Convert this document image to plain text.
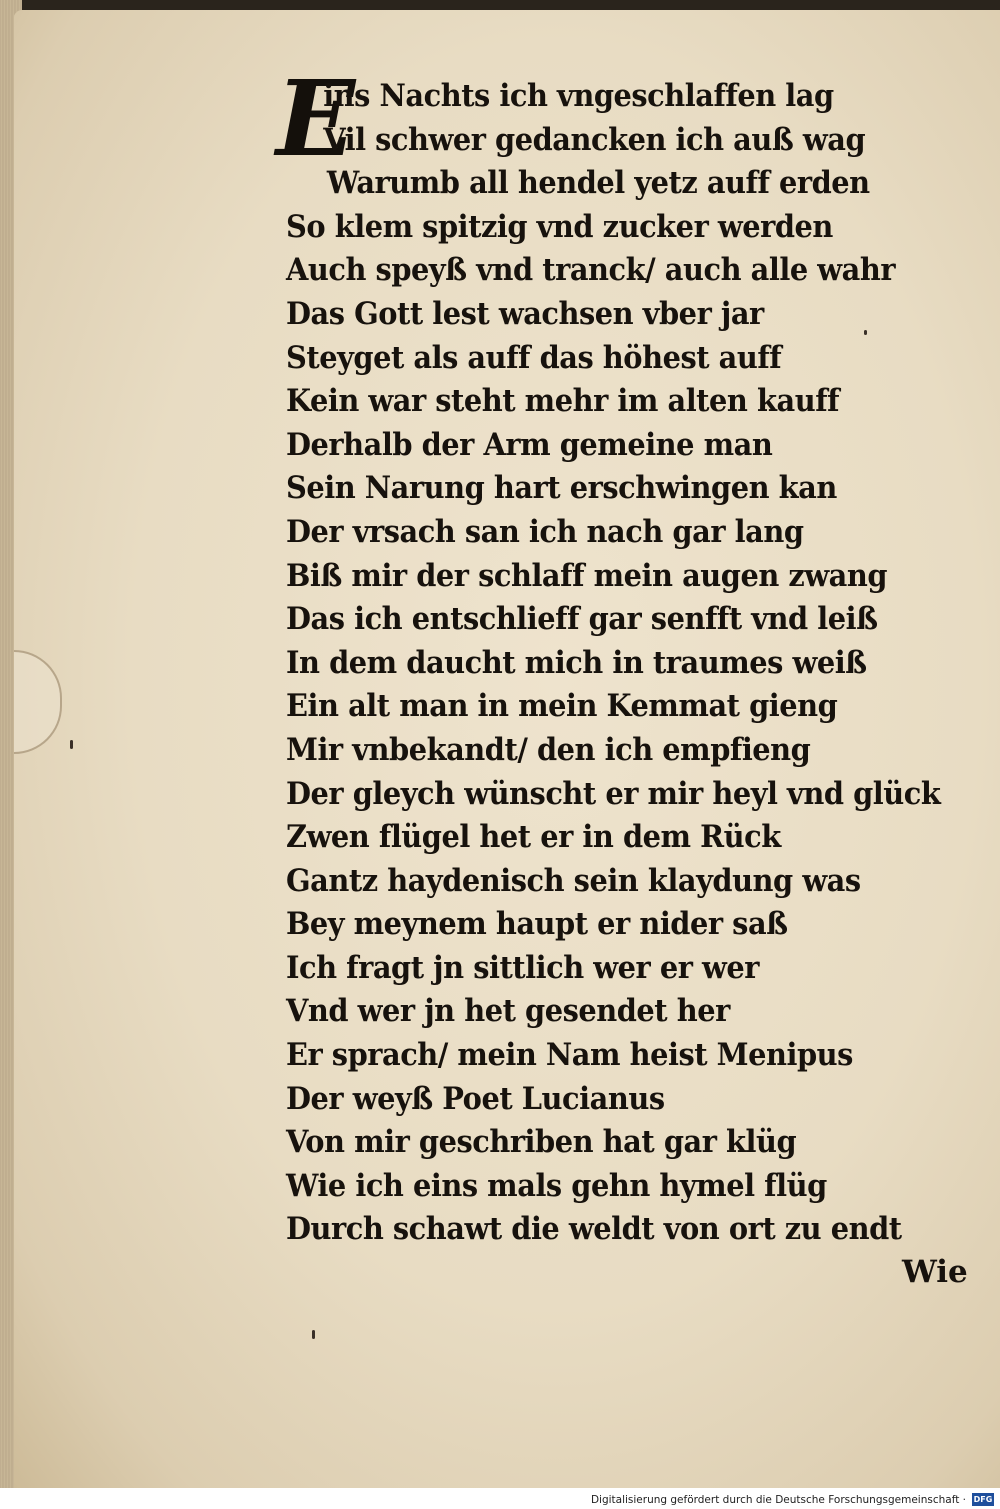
E
ins Nachts ich vngeschlaffen lag
Vil schwer gedancken ich auß wag
Warumb all hendel yetz auff erden
So klem spitzig vnd zucker werden
Auch speyß vnd tranck/ auch alle wahr
Das Gott lest wachsen vber jar
Steyget als auff das höhest auff
Kein war steht mehr im alten kauff
Derhalb der Arm gemeine man
Sein Narung hart erschwingen kan
Der vrsach san ich nach gar lang
Biß mir der schlaff mein augen zwang
Das ich entschlieff gar senfft vnd leiß
In dem daucht mich in traumes weiß
Ein alt man in mein Kemmat gieng
Mir vnbekandt/ den ich empfieng
Der gleych wünscht er mir heyl vnd glück
Zwen flügel het er in dem Rück
Gantz haydenisch sein klaydung was
Bey meynem haupt er nider saß
Ich fragt jn sittlich wer er wer
Vnd wer jn het gesendet her
Er sprach/ mein Nam heist Menipus
Der weyß Poet Lucianus
Von mir geschriben hat gar klüg
Wie ich eins mals gehn hymel flüg
Durch schawt die weldt von ort zu endt
Wie
Digitalisierung gefördert durch die Deutsche Forschungsgemeinschaft · DFG
